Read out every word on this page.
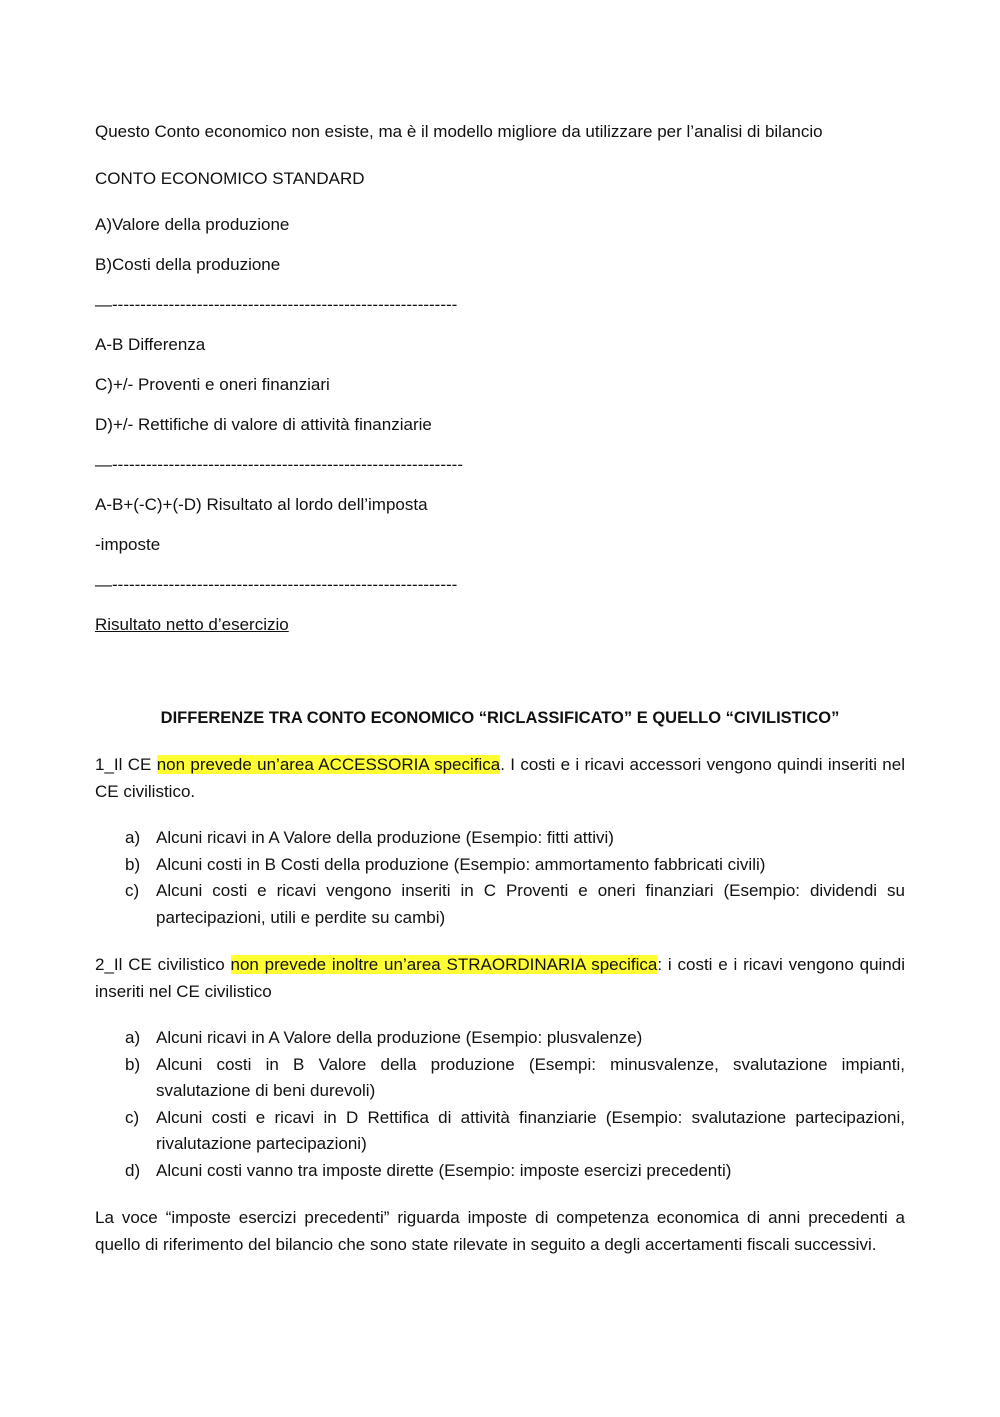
Questo Conto economico non esiste, ma è il modello migliore da utilizzare per l’analisi di bilancio
CONTO ECONOMICO STANDARD
A)Valore della produzione
B)Costi della produzione
—-------------------------------------------------------------
A-B Differenza
C)+/- Proventi e oneri finanziari
D)+/- Rettifiche di valore di attività finanziarie
—--------------------------------------------------------------
A-B+(-C)+(-D) Risultato al lordo dell’imposta
-imposte
—-------------------------------------------------------------
Risultato netto d’esercizio
DIFFERENZE TRA CONTO ECONOMICO “RICLASSIFICATO” E QUELLO “CIVILISTICO”
1_Il CE non prevede un’area ACCESSORIA specifica. I costi e i ricavi accessori vengono quindi inseriti nel CE civilistico.
a) Alcuni ricavi in A Valore della produzione (Esempio: fitti attivi)
b) Alcuni costi in B Costi della produzione (Esempio: ammortamento fabbricati civili)
c) Alcuni costi e ricavi vengono inseriti in C Proventi e oneri finanziari (Esempio: dividendi su partecipazioni, utili e perdite su cambi)
2_Il CE civilistico non prevede inoltre un’area STRAORDINARIA specifica: i costi e i ricavi vengono quindi inseriti nel CE civilistico
a) Alcuni ricavi in A Valore della produzione (Esempio: plusvalenze)
b) Alcuni costi in B Valore della produzione (Esempi: minusvalenze, svalutazione impianti, svalutazione di beni durevoli)
c) Alcuni costi e ricavi in D Rettifica di attività finanziarie (Esempio: svalutazione partecipazioni, rivalutazione partecipazioni)
d) Alcuni costi vanno tra imposte dirette (Esempio: imposte esercizi precedenti)
La voce “imposte esercizi precedenti” riguarda imposte di competenza economica di anni precedenti a quello di riferimento del bilancio che sono state rilevate in seguito a degli accertamenti fiscali successivi.
